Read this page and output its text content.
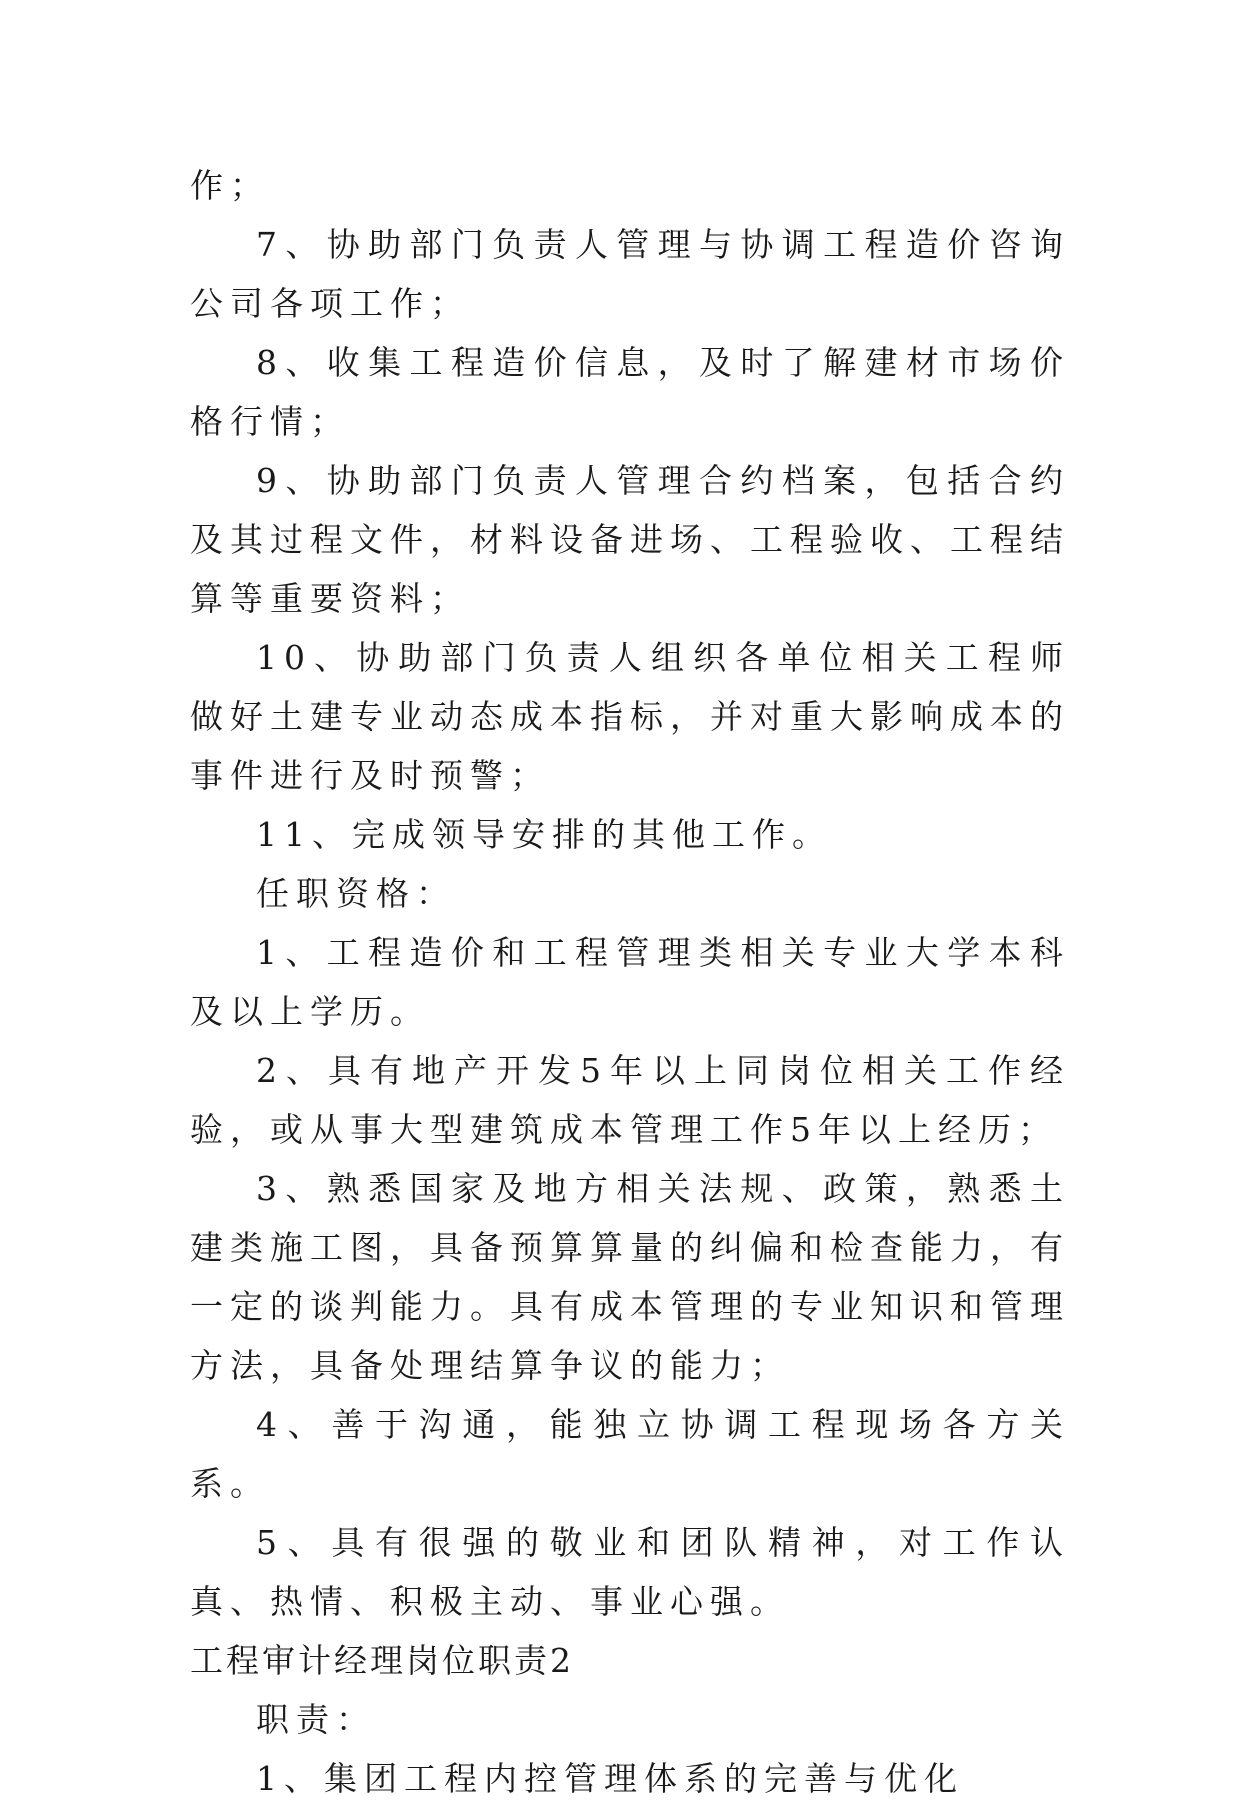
作；

7、协助部门负责人管理与协调工程造价咨询公司各项工作；

8、收集工程造价信息，及时了解建材市场价格行情；

9、协助部门负责人管理合约档案，包括合约及其过程文件，材料设备进场、工程验收、工程结算等重要资料；

10、协助部门负责人组织各单位相关工程师做好土建专业动态成本指标，并对重大影响成本的事件进行及时预警；

11、完成领导安排的其他工作。

任职资格：

1、工程造价和工程管理类相关专业大学本科及以上学历。

2、具有地产开发5年以上同岗位相关工作经验，或从事大型建筑成本管理工作5年以上经历；

3、熟悉国家及地方相关法规、政策，熟悉土建类施工图，具备预算算量的纠偏和检查能力，有一定的谈判能力。具有成本管理的专业知识和管理方法，具备处理结算争议的能力；

4、善于沟通，能独立协调工程现场各方关系。

5、具有很强的敬业和团队精神，对工作认真、热情、积极主动、事业心强。

工程审计经理岗位职责2

职责：

1、集团工程内控管理体系的完善与优化
